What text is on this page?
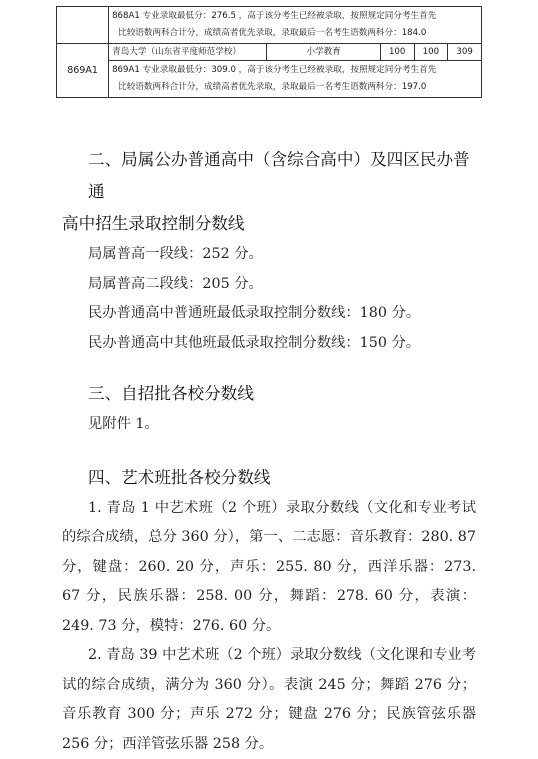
	868A1 专业录取最低分：276.5 ，高于该分考生已经被录取，按照规定同分考生首先
比较语数两科合计分，成绩高者优先录取，录取最后一名考生语数两科分：184.0				

869A1	青岛大学（山东省平度师范学校）	小学教育	100	100	309

	869A1 专业录取最低分：309.0 ，高于该分考生已经被录取，按照规定同分考生首先
比较语数两科合计分，成绩高者优先录取，录取最后一名考生语数两科分：197.0				

二、局属公办普通高中（含综合高中）及四区民办普通

高中招生录取控制分数线

局属普高一段线：252 分。

局属普高二段线：205 分。

民办普通高中普通班最低录取控制分数线：180 分。

民办普通高中其他班最低录取控制分数线：150 分。

三、自招批各校分数线

见附件 1。

四、艺术班批各校分数线

1. 青岛 1 中艺术班（2 个班）录取分数线（文化和专业考试的综合成绩，总分 360 分），第一、二志愿：音乐教育：280. 87 分，键盘：260. 20 分，声乐：255. 80 分，西洋乐器：273. 67 分，民族乐器：258. 00 分，舞蹈：278. 60 分，表演：249. 73 分，模特：276. 60 分。

2. 青岛 39 中艺术班（2 个班）录取分数线（文化课和专业考试的综合成绩，满分为 360 分）。表演 245 分；舞蹈 276 分；音乐教育 300 分；声乐 272 分；键盘 276 分；民族管弦乐器 256 分；西洋管弦乐器 258 分。
